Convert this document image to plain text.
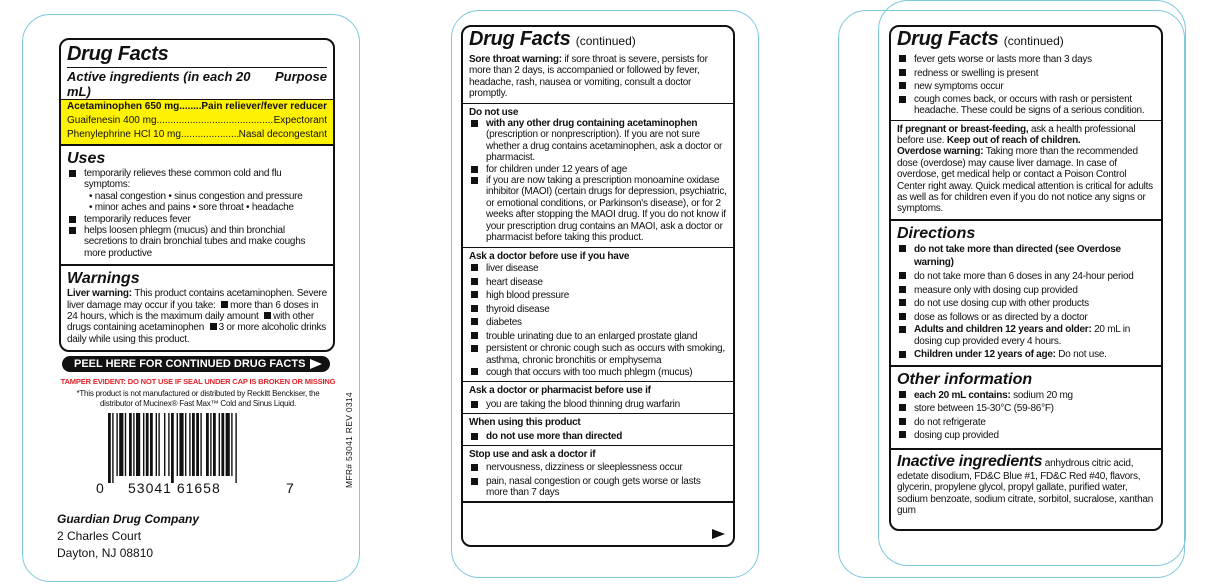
Drug Facts
Active ingredients (in each 20 mL)
Purpose
Acetaminophen 650 mg ..... Pain reliever/fever reducer
Guaifenesin 400 mg .....	Expectorant
Phenylephrine HCl 10 mg .....	Nasal decongestant
Uses
temporarily relieves these common cold and flu symptoms:
• nasal congestion • sinus congestion and pressure
• minor aches and pains • sore throat • headache
temporarily reduces fever
helps loosen phlegm (mucus) and thin bronchial secretions to drain bronchial tubes and make coughs more productive
Warnings
Liver warning: This product contains acetaminophen. Severe liver damage may occur if you take: more than 6 doses in 24 hours, which is the maximum daily amount with other drugs containing acetaminophen 3 or more alcoholic drinks daily while using this product.
PEEL HERE FOR CONTINUED DRUG FACTS
TAMPER EVIDENT: DO NOT USE IF SEAL UNDER CAP IS BROKEN OR MISSING
*This product is not manufactured or distributed by Reckitt Benckiser, the distributor of Mucinex® Fast Max™ Cold and Sinus Liquid.
0 53041 61658	7	MFR# 53041 REV 0314
Guardian Drug Company
2 Charles Court
Dayton, NJ 08810
Drug Facts (continued)
Sore throat warning: if sore throat is severe, persists for more than 2 days, is accompanied or followed by fever, headache, rash, nausea or vomiting, consult a doctor promptly.
Do not use
with any other drug containing acetaminophen
(prescription or nonprescription). If you are not sure whether a drug contains acetaminophen, ask a doctor or pharmacist.
for children under 12 years of age
if you are now taking a prescription monoamine oxidase inhibitor (MAOI) (certain drugs for depression, psychiatric, or emotional conditions, or Parkinson's disease), or for 2 weeks after stopping the MAOI drug. If you do not know if your prescription drug contains an MAOI, ask a doctor or pharmacist before taking this product.
Ask a doctor before use if you have
liver disease
heart disease
high blood pressure
thyroid disease
diabetes
trouble urinating due to an enlarged prostate gland
persistent or chronic cough such as occurs with smoking, asthma, chronic bronchitis or emphysema
cough that occurs with too much phlegm (mucus)
Ask a doctor or pharmacist before use if
you are taking the blood thinning drug warfarin
When using this product
do not use more than directed
Stop use and ask a doctor if
nervousness, dizziness or sleeplessness occur
pain, nasal congestion or cough gets worse or lasts more than 7 days
Drug Facts (continued)
fever gets worse or lasts more than 3 days
redness or swelling is present
new symptoms occur
cough comes back, or occurs with rash or persistent headache. These could be signs of a serious condition.
If pregnant or breast-feeding, ask a health professional before use. Keep out of reach of children.
Overdose warning: Taking more than the recommended dose (overdose) may cause liver damage. In case of overdose, get medical help or contact a Poison Control Center right away. Quick medical attention is critical for adults as well as for children even if you do not notice any signs or symptoms.
Directions
do not take more than directed (see Overdose warning)
do not take more than 6 doses in any 24-hour period
measure only with dosing cup provided
do not use dosing cup with other products
dose as follows or as directed by a doctor
Adults and children 12 years and older: 20 mL in dosing cup provided every 4 hours.
Children under 12 years of age: Do not use.
Other information
each 20 mL contains: sodium 20 mg
store between 15-30°C (59-86°F)
do not refrigerate
dosing cup provided
Inactive ingredients anhydrous citric acid, edetate disodium, FD&C Blue #1, FD&C Red #40, flavors, glycerin, propylene glycol, propyl gallate, purified water, sodium benzoate, sodium citrate, sorbitol, sucralose, xanthan gum
